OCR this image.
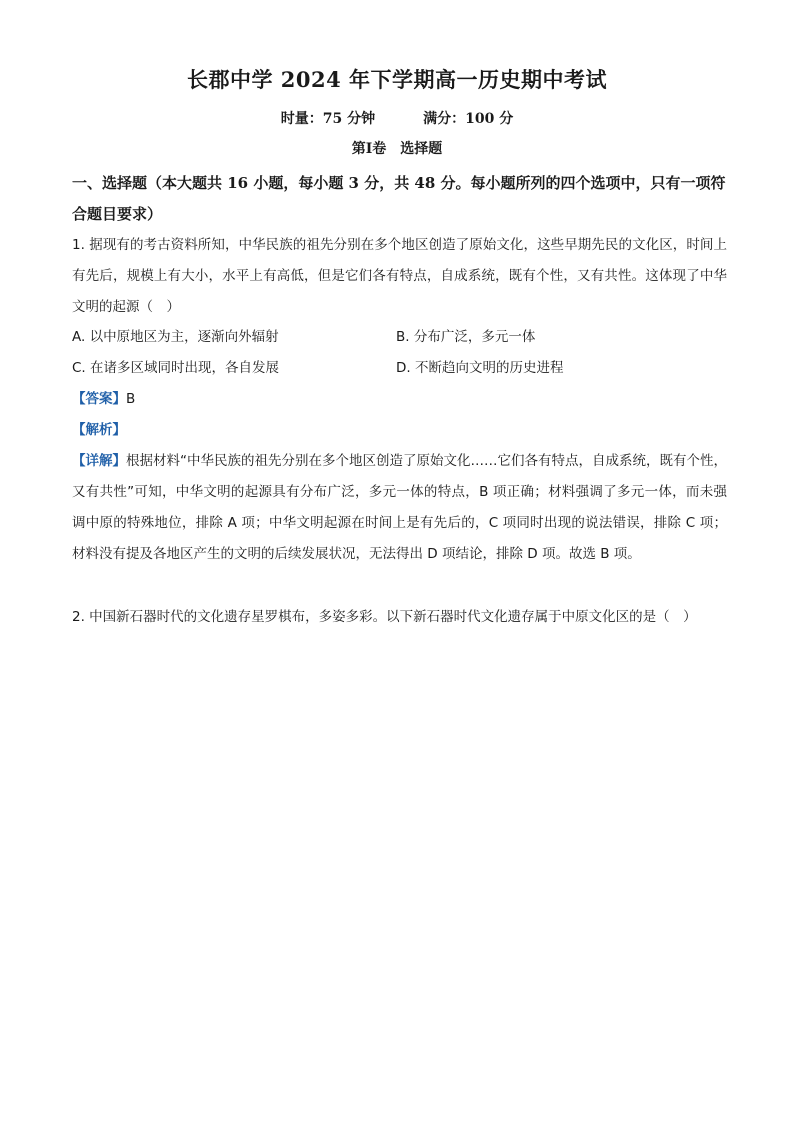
长郡中学 2024 年下学期高一历史期中考试
时量：75 分钟	满分：100 分
第Ⅰ卷 选择题
一、选择题（本大题共 16 小题，每小题 3 分，共 48 分。每小题所列的四个选项中，只有一项符合题目要求）
1. 据现有的考古资料所知，中华民族的祖先分别在多个地区创造了原始文化，这些早期先民的文化区，时间上有先后，规模上有大小，水平上有高低，但是它们各有特点，自成系统，既有个性，又有共性。这体现了中华文明的起源（　）
A. 以中原地区为主，逐渐向外辐射	B. 分布广泛，多元一体
C. 在诸多区域同时出现，各自发展	D. 不断趋向文明的历史进程
【答案】B
【解析】
【详解】根据材料“中华民族的祖先分别在多个地区创造了原始文化……它们各有特点，自成系统，既有个性，又有共性”可知，中华文明的起源具有分布广泛，多元一体的特点，B 项正确；材料强调了多元一体，而未强调中原的特殊地位，排除 A 项；中华文明起源在时间上是有先后的，C 项同时出现的说法错误，排除 C 项；材料没有提及各地区产生的文明的后续发展状况，无法得出 D 项结论，排除 D 项。故选 B 项。
2. 中国新石器时代的文化遗存星罗棋布，多姿多彩。以下新石器时代文化遗存属于中原文化区的是（　）
